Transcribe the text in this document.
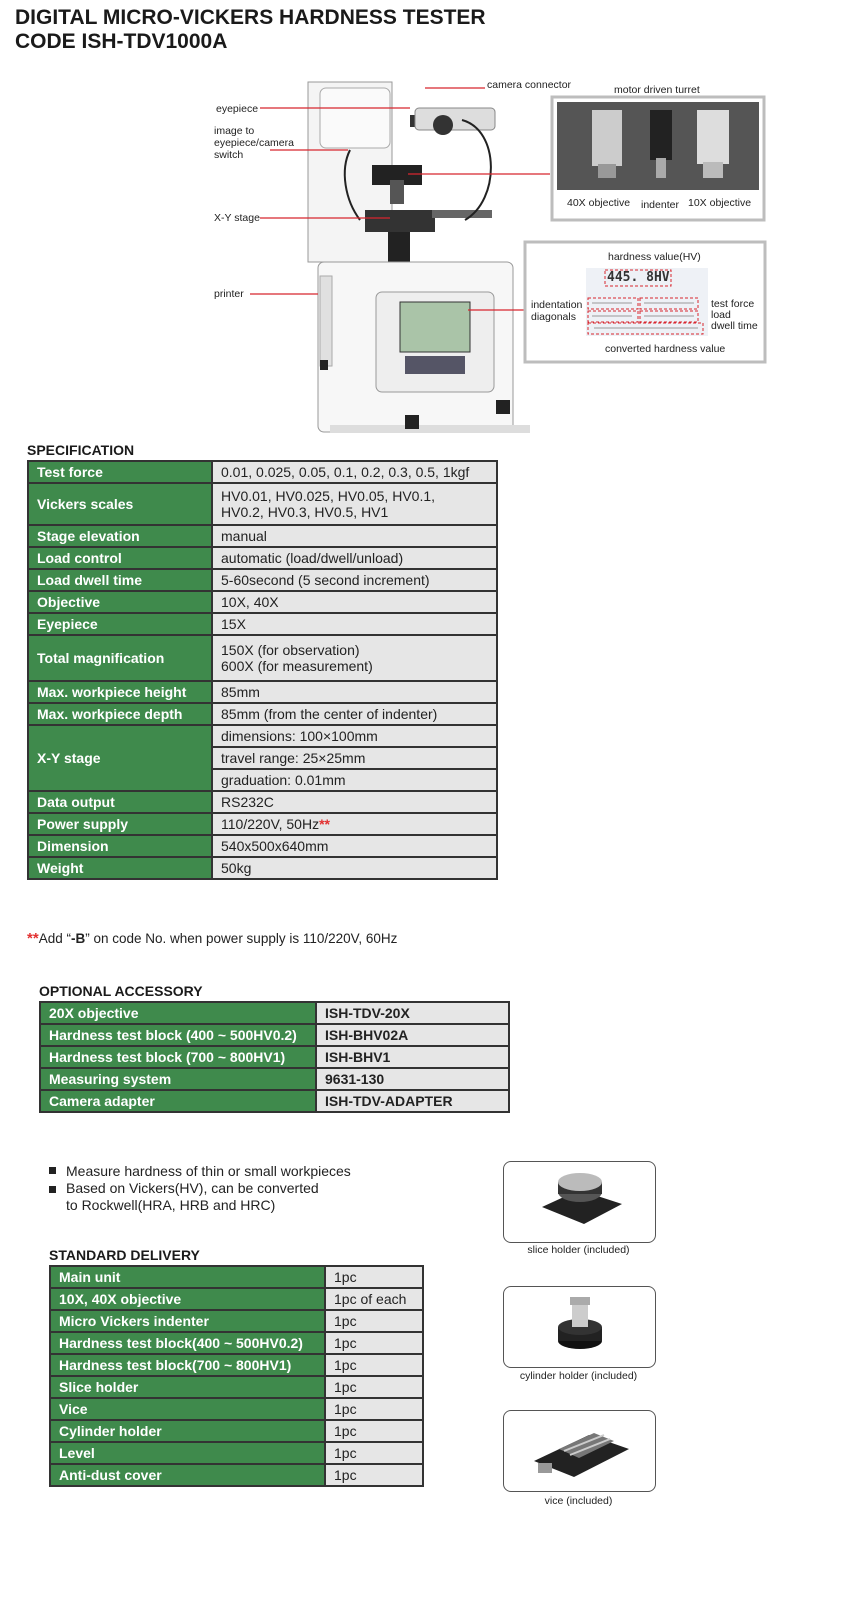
DIGITAL MICRO-VICKERS HARDNESS TESTER
CODE ISH-TDV1000A
camera connector
eyepiece
image to
eyepiece/camera
switch
X-Y stage
printer
motor driven turret
40X objective indenter 10X objective
hardness value(HV)
445. 8HV
indentation
diagonals
test force
load
dwell time
converted hardness value
SPECIFICATION
Test force	0.01, 0.025, 0.05, 0.1, 0.2, 0.3, 0.5, 1kgf
Vickers scales	HV0.01, HV0.025, HV0.05, HV0.1,
HV0.2, HV0.3, HV0.5, HV1
Stage elevation	manual
Load control	automatic (load/dwell/unload)
Load dwell time	5-60second (5 second increment)
Objective	10X, 40X
Eyepiece	15X
Total magnification	150X (for observation)
600X (for measurement)
Max. workpiece height	85mm
Max. workpiece depth	85mm (from the center of indenter)
X-Y stage	dimensions: 100×100mm
	travel range: 25×25mm
	graduation: 0.01mm
Data output	RS232C
Power supply	110/220V, 50Hz**
Dimension	540x500x640mm
Weight	50kg
**Add “-B” on code No. when power supply is 110/220V, 60Hz
OPTIONAL ACCESSORY
20X objective	ISH-TDV-20X
Hardness test block (400 ~ 500HV0.2)	ISH-BHV02A
Hardness test block (700 ~ 800HV1)	ISH-BHV1
Measuring system	9631-130
Camera adapter	ISH-TDV-ADAPTER
Measure hardness of thin or small workpieces
Based on Vickers(HV), can be converted
to Rockwell(HRA, HRB and HRC)
STANDARD DELIVERY
Main unit	1pc
10X, 40X objective	1pc of each
Micro Vickers indenter	1pc
Hardness test block(400 ~ 500HV0.2)	1pc
Hardness test block(700 ~ 800HV1)	1pc
Slice holder	1pc
Vice	1pc
Cylinder holder	1pc
Level	1pc
Anti-dust cover	1pc
slice holder (included)
cylinder holder (included)
vice (included)
